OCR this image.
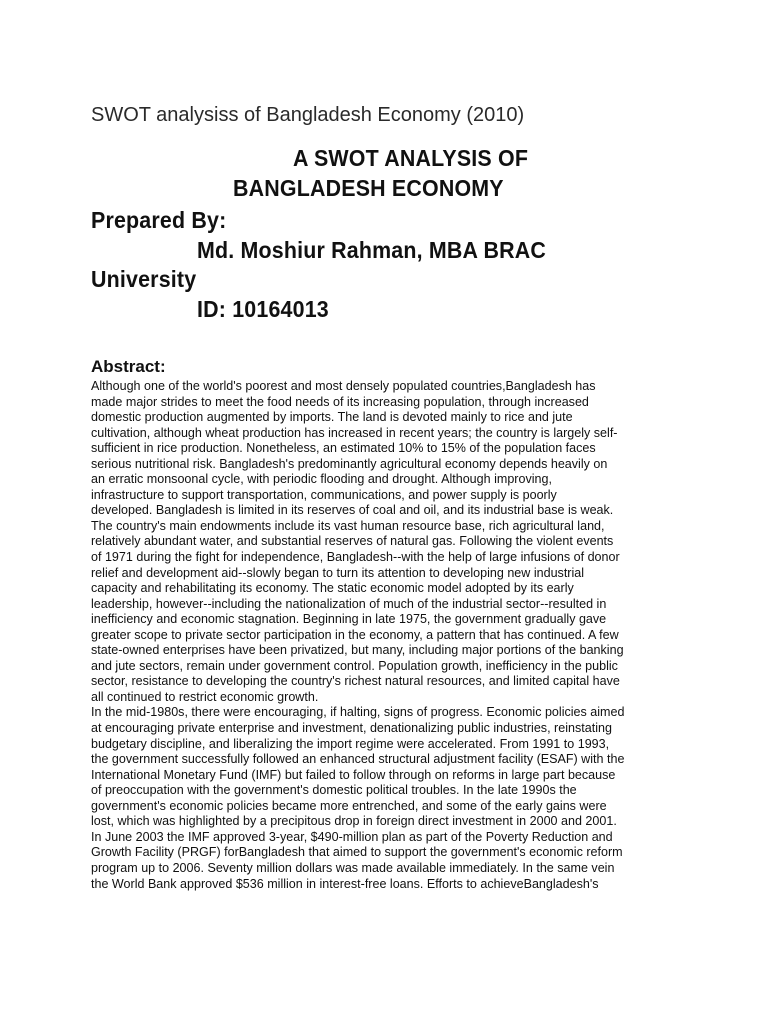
SWOT analysiss of Bangladesh Economy (2010)
A SWOT ANALYSIS OF
BANGLADESH ECONOMY
Prepared By:
Md. Moshiur Rahman, MBA BRAC
University
ID: 10164013
Abstract:
Although one of the world's poorest and most densely populated countries,Bangladesh has
made major strides to meet the food needs of its increasing population, through increased
domestic production augmented by imports. The land is devoted mainly to rice and jute
cultivation, although wheat production has increased in recent years; the country is largely self-
sufficient in rice production. Nonetheless, an estimated 10% to 15% of the population faces
serious nutritional risk. Bangladesh's predominantly agricultural economy depends heavily on
an erratic monsoonal cycle, with periodic flooding and drought. Although improving,
infrastructure to support transportation, communications, and power supply is poorly
developed. Bangladesh is limited in its reserves of coal and oil, and its industrial base is weak.
The country's main endowments include its vast human resource base, rich agricultural land,
relatively abundant water, and substantial reserves of natural gas. Following the violent events
of 1971 during the fight for independence, Bangladesh--with the help of large infusions of donor
relief and development aid--slowly began to turn its attention to developing new industrial
capacity and rehabilitating its economy. The static economic model adopted by its early
leadership, however--including the nationalization of much of the industrial sector--resulted in
inefficiency and economic stagnation. Beginning in late 1975, the government gradually gave
greater scope to private sector participation in the economy, a pattern that has continued. A few
state-owned enterprises have been privatized, but many, including major portions of the banking
and jute sectors, remain under government control. Population growth, inefficiency in the public
sector, resistance to developing the country's richest natural resources, and limited capital have
all continued to restrict economic growth.
In the mid-1980s, there were encouraging, if halting, signs of progress. Economic policies aimed
at encouraging private enterprise and investment, denationalizing public industries, reinstating
budgetary discipline, and liberalizing the import regime were accelerated. From 1991 to 1993,
the government successfully followed an enhanced structural adjustment facility (ESAF) with the
International Monetary Fund (IMF) but failed to follow through on reforms in large part because
of preoccupation with the government's domestic political troubles. In the late 1990s the
government's economic policies became more entrenched, and some of the early gains were
lost, which was highlighted by a precipitous drop in foreign direct investment in 2000 and 2001.
In June 2003 the IMF approved 3-year, $490-million plan as part of the Poverty Reduction and
Growth Facility (PRGF) forBangladesh that aimed to support the government's economic reform
program up to 2006. Seventy million dollars was made available immediately. In the same vein
the World Bank approved $536 million in interest-free loans. Efforts to achieveBangladesh's
